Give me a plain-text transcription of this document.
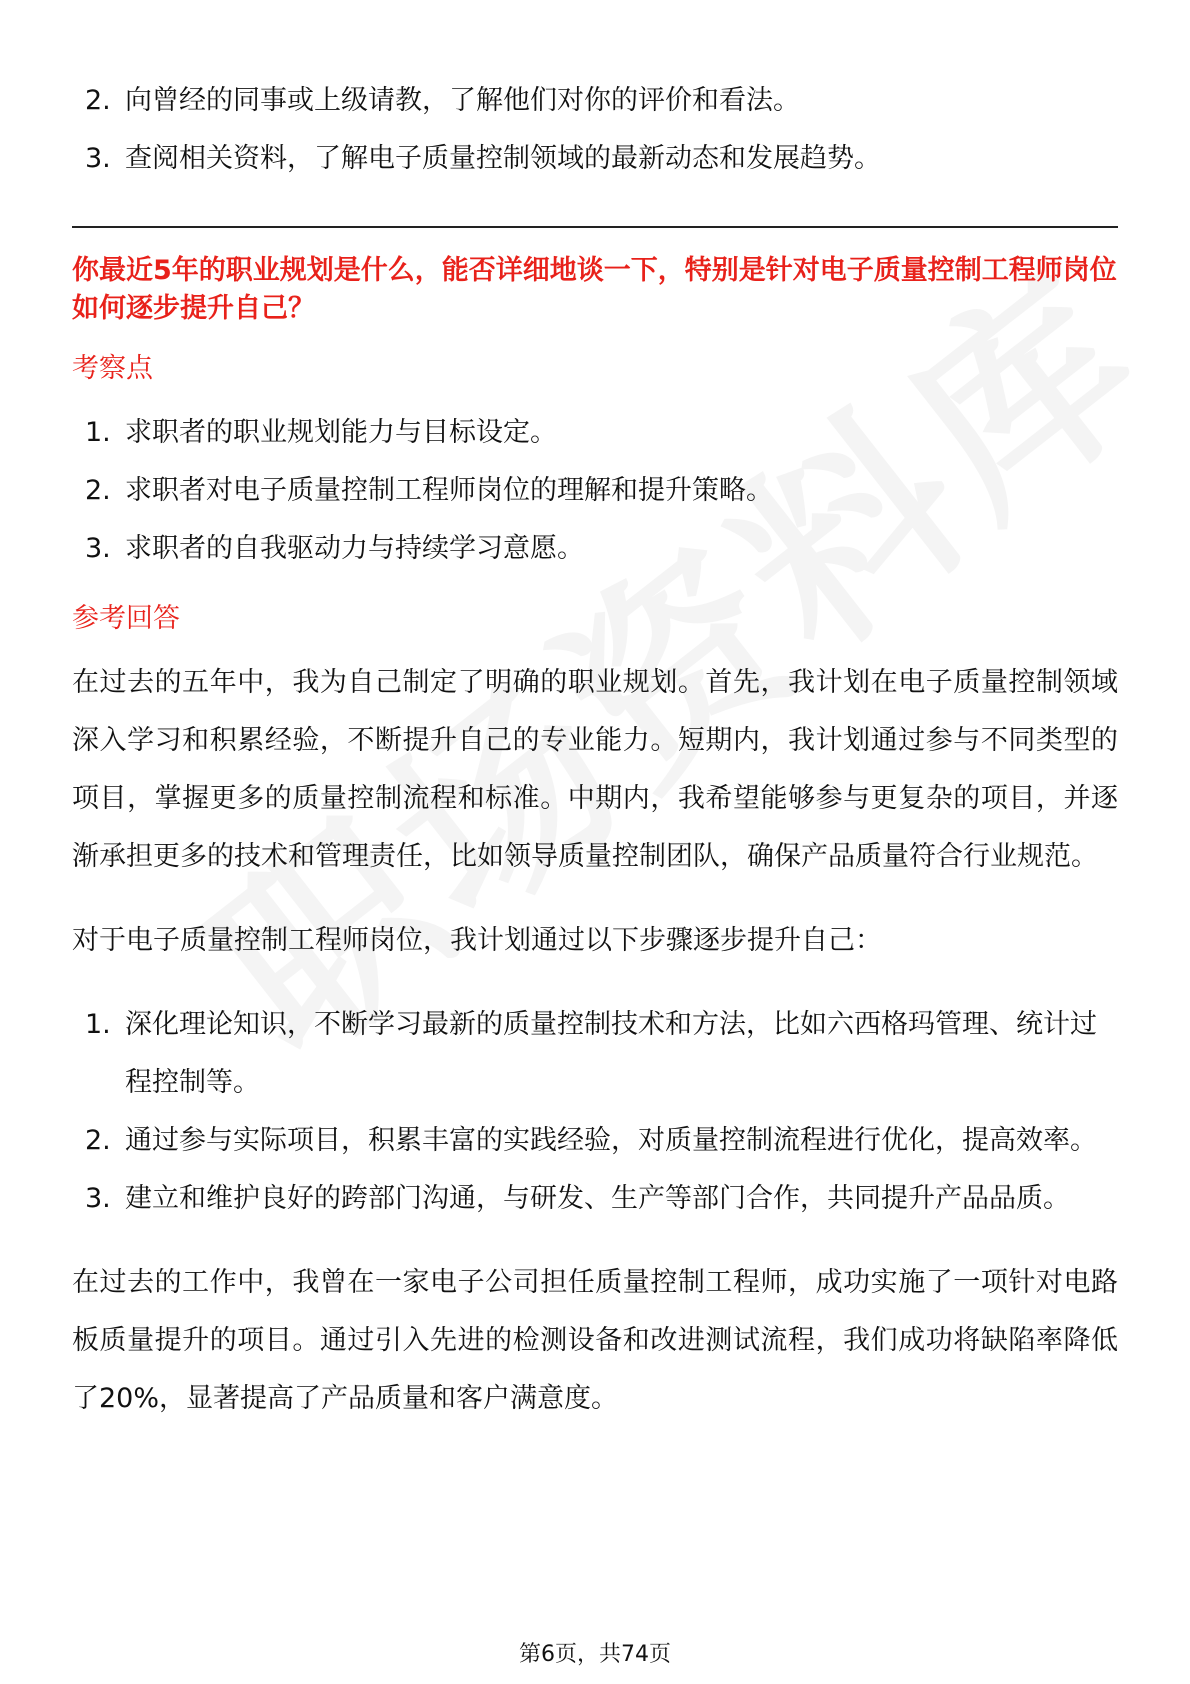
2. 向曾经的同事或上级请教，了解他们对你的评价和看法。
3. 查阅相关资料，了解电子质量控制领域的最新动态和发展趋势。

你最近5年的职业规划是什么，能否详细地谈一下，特别是针对电子质量控制工程师岗位如何逐步提升自己？

考察点
1. 求职者的职业规划能力与目标设定。
2. 求职者对电子质量控制工程师岗位的理解和提升策略。
3. 求职者的自我驱动力与持续学习意愿。
参考回答

在过去的五年中，我为自己制定了明确的职业规划。首先，我计划在电子质量控制领域深入学习和积累经验，不断提升自己的专业能力。短期内，我计划通过参与不同类型的项目，掌握更多的质量控制流程和标准。中期内，我希望能够参与更复杂的项目，并逐渐承担更多的技术和管理责任，比如领导质量控制团队，确保产品质量符合行业规范。

对于电子质量控制工程师岗位，我计划通过以下步骤逐步提升自己：

1. 深化理论知识，不断学习最新的质量控制技术和方法，比如六西格玛管理、统计过程控制等。
2. 通过参与实际项目，积累丰富的实践经验，对质量控制流程进行优化，提高效率。
3. 建立和维护良好的跨部门沟通，与研发、生产等部门合作，共同提升产品品质。

在过去的工作中，我曾在一家电子公司担任质量控制工程师，成功实施了一项针对电路板质量提升的项目。通过引入先进的检测设备和改进测试流程，我们成功将缺陷率降低了20%，显著提高了产品质量和客户满意度。

第6页，共74页
